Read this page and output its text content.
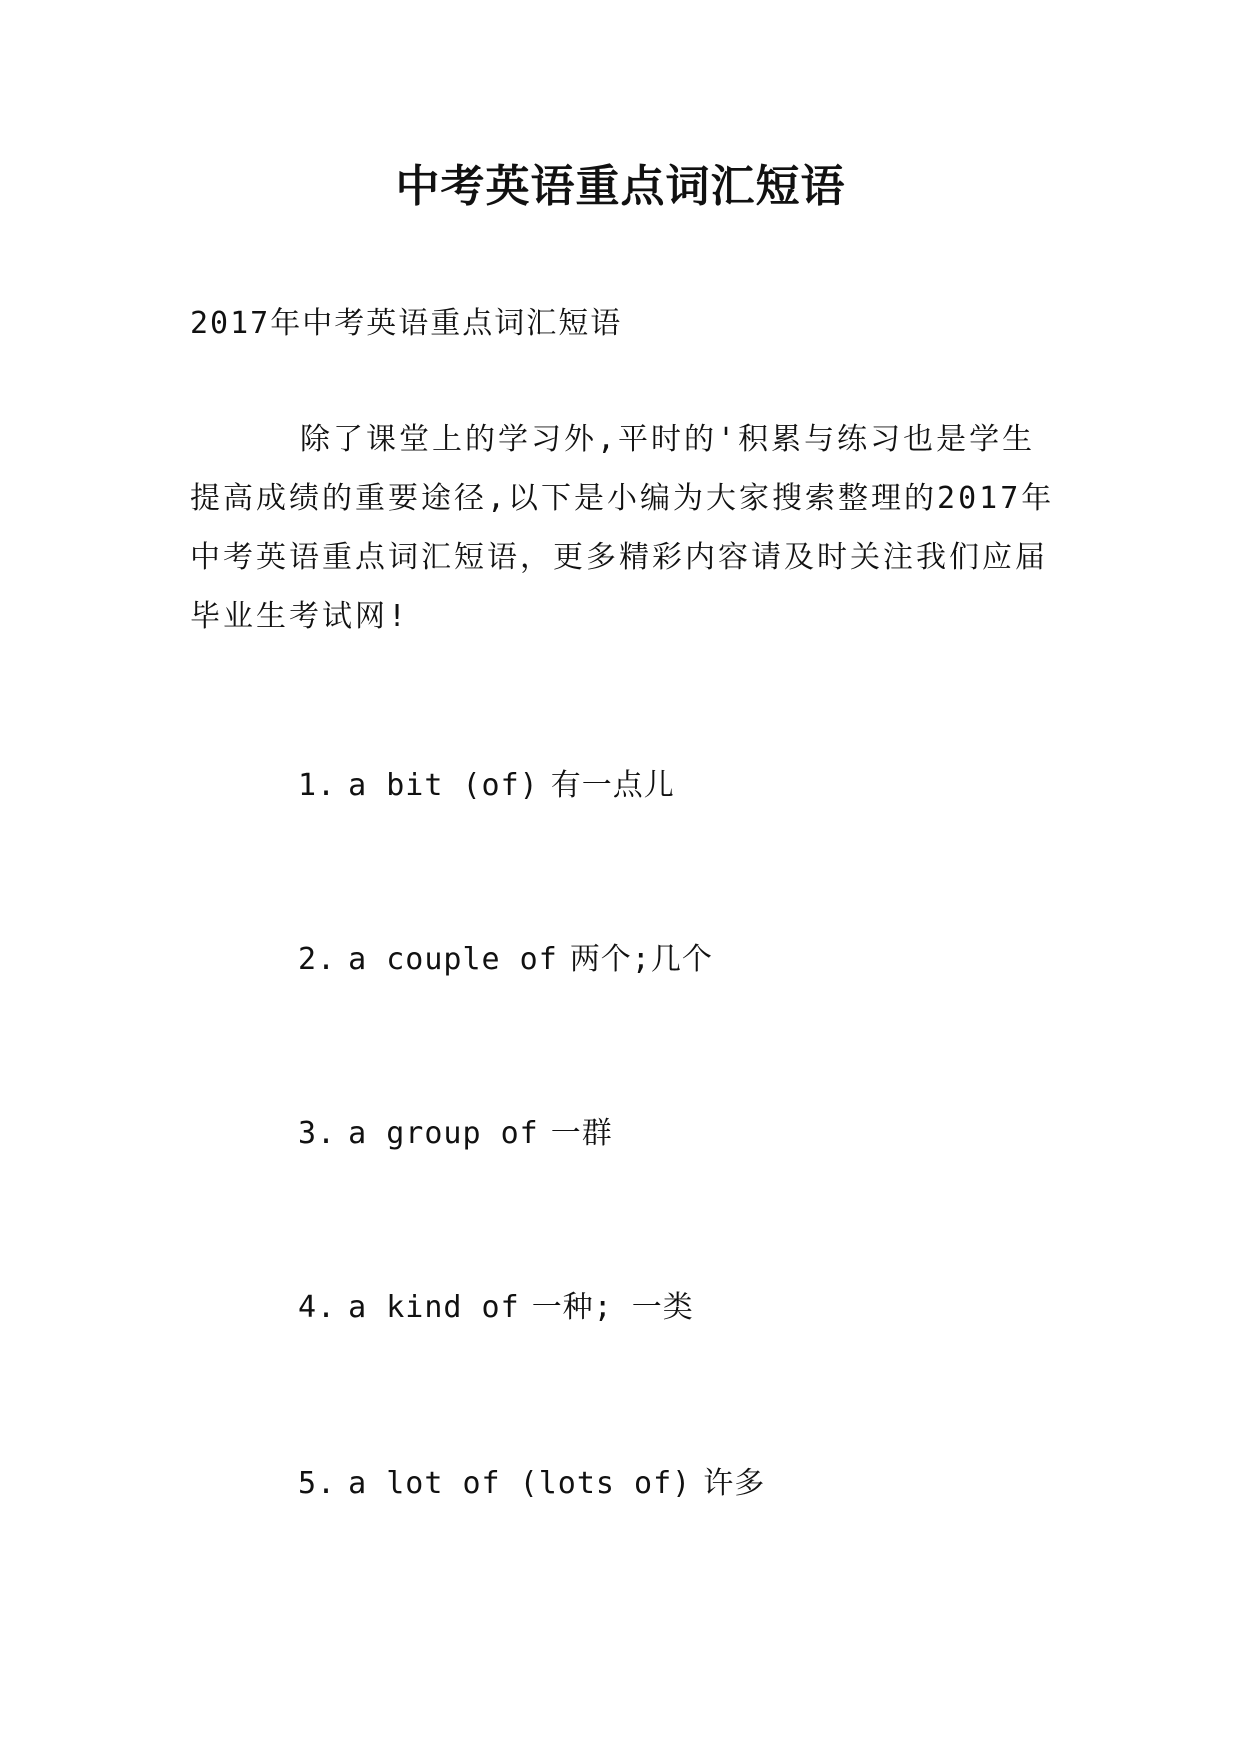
中考英语重点词汇短语
2017年中考英语重点词汇短语

除了课堂上的学习外,平时的'积累与练习也是学生提高成绩的重要途径,以下是小编为大家搜索整理的2017年中考英语重点词汇短语，更多精彩内容请及时关注我们应届毕业生考试网!

1. a bit (of) 有一点儿
2. a couple of 两个;几个
3. a group of 一群
4. a kind of 一种; 一类
5. a lot of (lots of) 许多
